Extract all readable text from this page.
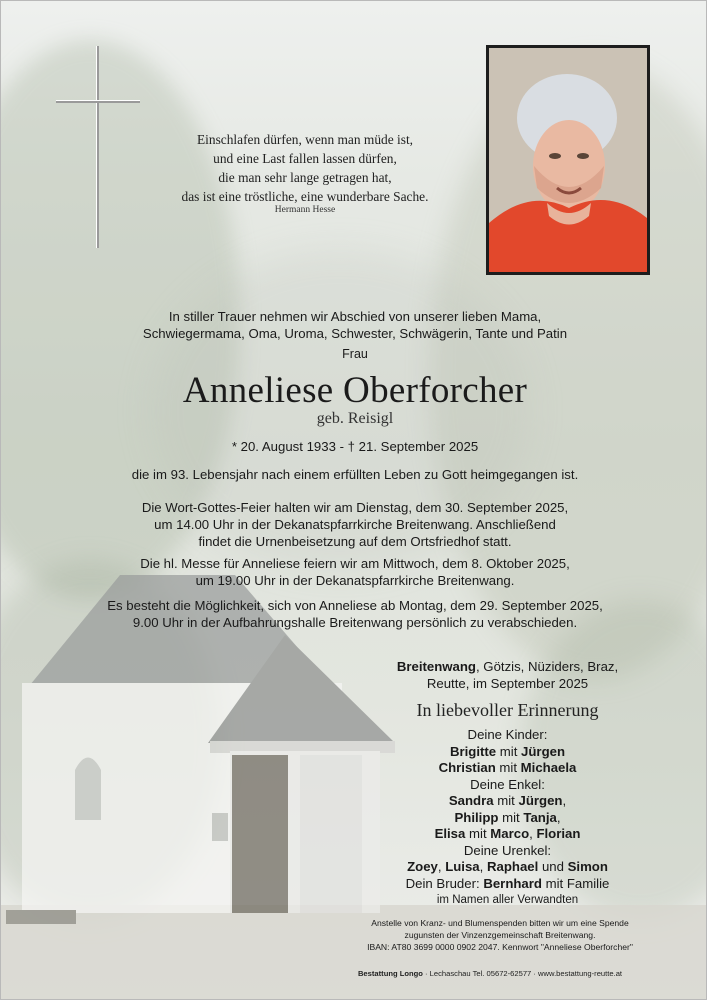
Einschlafen dürfen, wenn man müde ist,
und eine Last fallen lassen dürfen,
die man sehr lange getragen hat,
das ist eine tröstliche, eine wunderbare Sache.
Hermann Hesse
In stiller Trauer nehmen wir Abschied von unserer lieben Mama,
Schwiegermama, Oma, Uroma, Schwester, Schwägerin, Tante und Patin
Frau
Anneliese Oberforcher
geb. Reisigl
* 20. August 1933 - † 21. September 2025
die im 93. Lebensjahr nach einem erfüllten Leben zu Gott heimgegangen ist.
Die Wort-Gottes-Feier halten wir am Dienstag, dem 30. September 2025,
um 14.00 Uhr in der Dekanatspfarrkirche Breitenwang. Anschließend
findet die Urnenbeisetzung auf dem Ortsfriedhof statt.
Die hl. Messe für Anneliese feiern wir am Mittwoch, dem 8. Oktober 2025,
um 19.00 Uhr in der Dekanatspfarrkirche Breitenwang.
Es besteht die Möglichkeit, sich von Anneliese ab Montag, dem 29. September 2025,
9.00 Uhr in der Aufbahrungshalle Breitenwang persönlich zu verabschieden.
Breitenwang, Götzis, Nüziders, Braz,
Reutte, im September 2025
In liebevoller Erinnerung
Deine Kinder:
Brigitte mit Jürgen
Christian mit Michaela
Deine Enkel:
Sandra mit Jürgen,
Philipp mit Tanja,
Elisa mit Marco, Florian
Deine Urenkel:
Zoey, Luisa, Raphael und Simon
Dein Bruder: Bernhard mit Familie
im Namen aller Verwandten
Anstelle von Kranz- und Blumenspenden bitten wir um eine Spende
zugunsten der Vinzenzgemeinschaft Breitenwang.
IBAN: AT80 3699 0000 0902 2047. Kennwort "Anneliese Oberforcher"
Bestattung Longo · Lechaschau Tel. 05672-62577 · www.bestattung-reutte.at
